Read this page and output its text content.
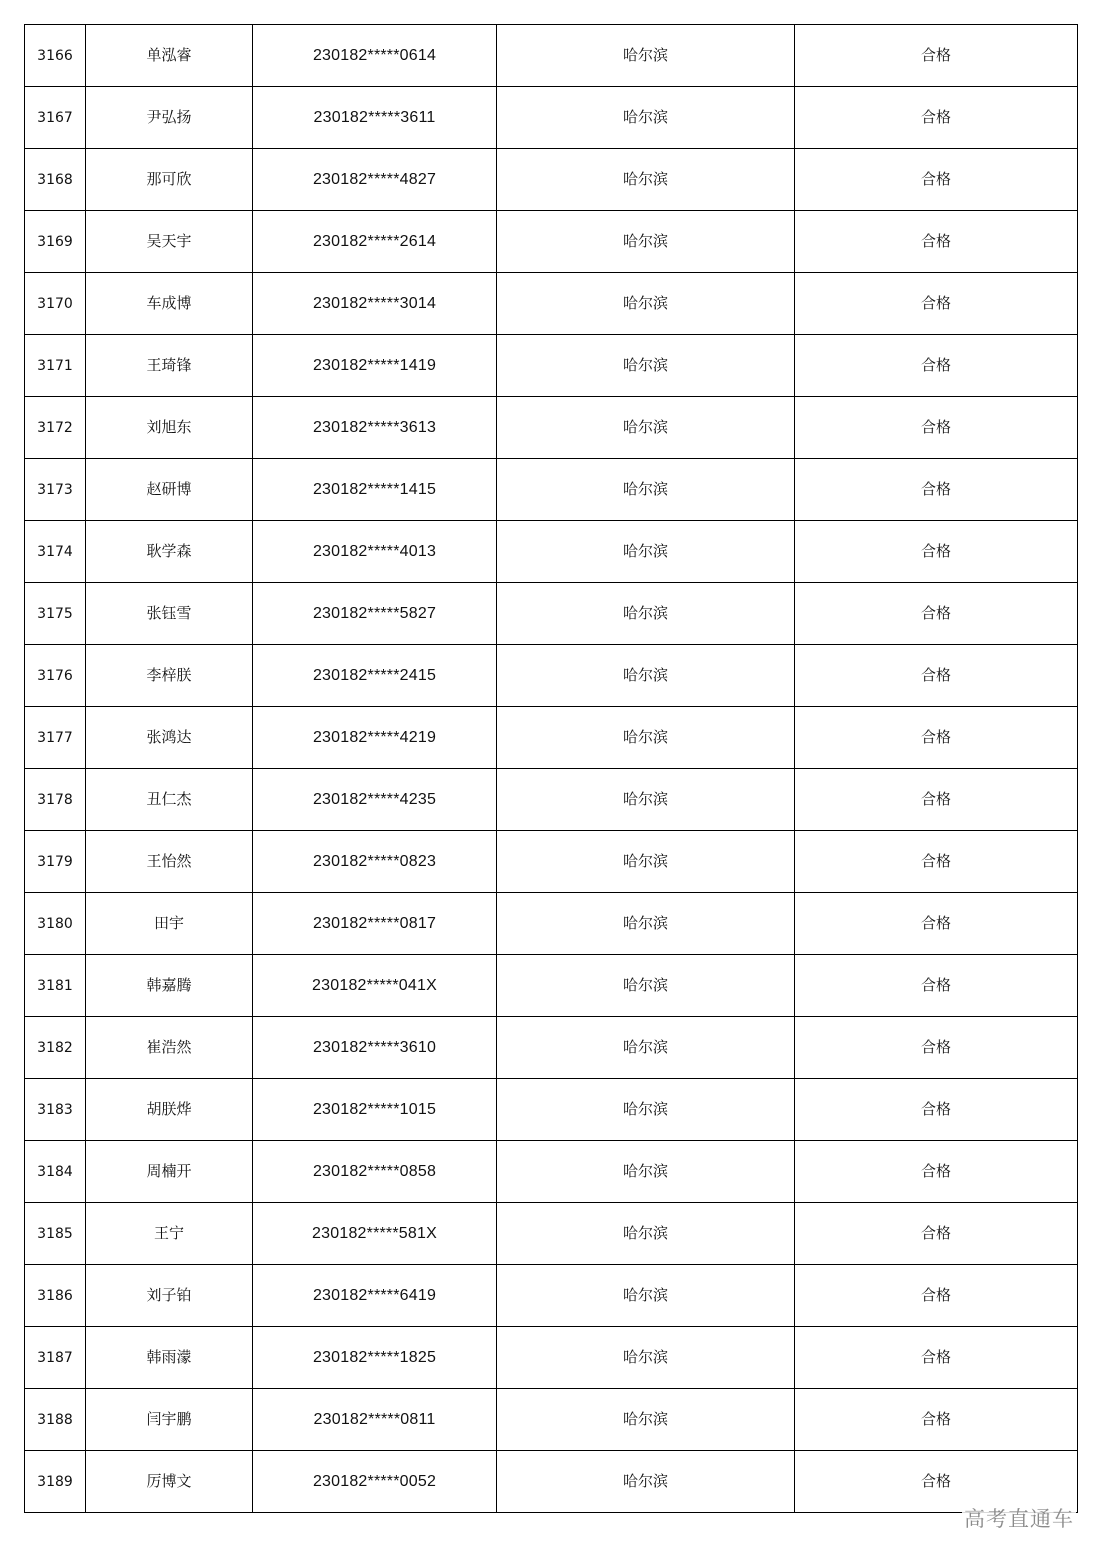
3166	单泓睿	230182*****0614	哈尔滨	合格
3167	尹弘扬	230182*****3611	哈尔滨	合格
3168	那可欣	230182*****4827	哈尔滨	合格
3169	吴天宇	230182*****2614	哈尔滨	合格
3170	车成博	230182*****3014	哈尔滨	合格
3171	王琦锋	230182*****1419	哈尔滨	合格
3172	刘旭东	230182*****3613	哈尔滨	合格
3173	赵研博	230182*****1415	哈尔滨	合格
3174	耿学森	230182*****4013	哈尔滨	合格
3175	张钰雪	230182*****5827	哈尔滨	合格
3176	李梓朕	230182*****2415	哈尔滨	合格
3177	张鸿达	230182*****4219	哈尔滨	合格
3178	丑仁杰	230182*****4235	哈尔滨	合格
3179	王怡然	230182*****0823	哈尔滨	合格
3180	田宇	230182*****0817	哈尔滨	合格
3181	韩嘉腾	230182*****041X	哈尔滨	合格
3182	崔浩然	230182*****3610	哈尔滨	合格
3183	胡朕烨	230182*****1015	哈尔滨	合格
3184	周楠开	230182*****0858	哈尔滨	合格
3185	王宁	230182*****581X	哈尔滨	合格
3186	刘子铂	230182*****6419	哈尔滨	合格
3187	韩雨濛	230182*****1825	哈尔滨	合格
3188	闫宇鹏	230182*****0811	哈尔滨	合格
3189	厉博文	230182*****0052	哈尔滨	合格
高考直通车
